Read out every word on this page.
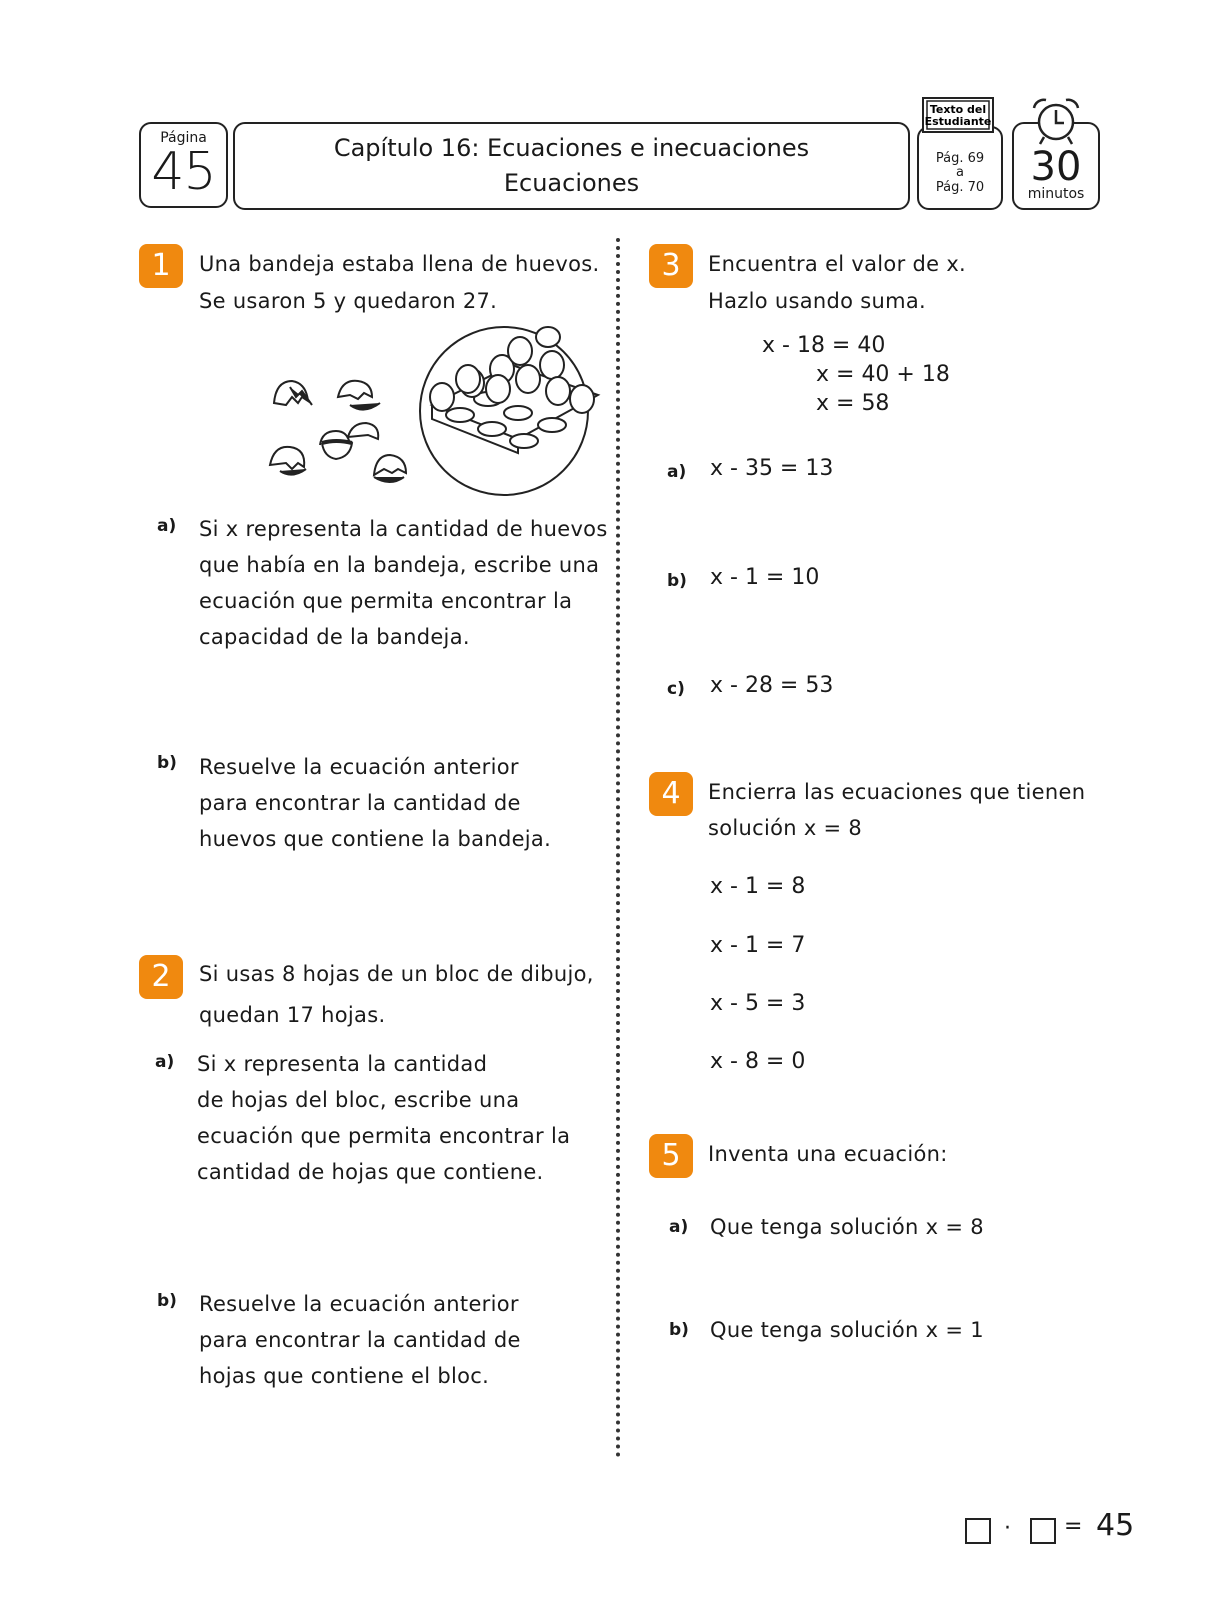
Página
45	Capítulo 16: Ecuaciones e inecuaciones
Ecuaciones
Pág. 69
a
Pág. 70
Texto del
Estudiante
30
minutos
1	Una bandeja estaba llena de huevos.
Se usaron 5 y quedaron 27.
a) Si x representa la cantidad de huevos
que había en la bandeja, escribe una
ecuación que permita encontrar la
capacidad de la bandeja.
b) Resuelve la ecuación anterior
para encontrar la cantidad de
huevos que contiene la bandeja.
2	Si usas 8 hojas de un bloc de dibujo,
quedan 17 hojas.
a) Si x representa la cantidad
de hojas del bloc, escribe una
ecuación que permita encontrar la
cantidad de hojas que contiene.
b) Resuelve la ecuación anterior
para encontrar la cantidad de
hojas que contiene el bloc.
3	Encuentra el valor de x.
Hazlo usando suma.
x - 18 = 40
x = 40 + 18
x = 58
a) x - 35 = 13
b) x - 1 = 10
c) x - 28 = 53
4	Encierra las ecuaciones que tienen
solución x = 8
x - 1 = 8
x - 1 = 7
x - 5 = 3
x - 8 = 0
5	Inventa una ecuación:
a) Que tenga solución x = 8
b) Que tenga solución x = 1
· = 45
